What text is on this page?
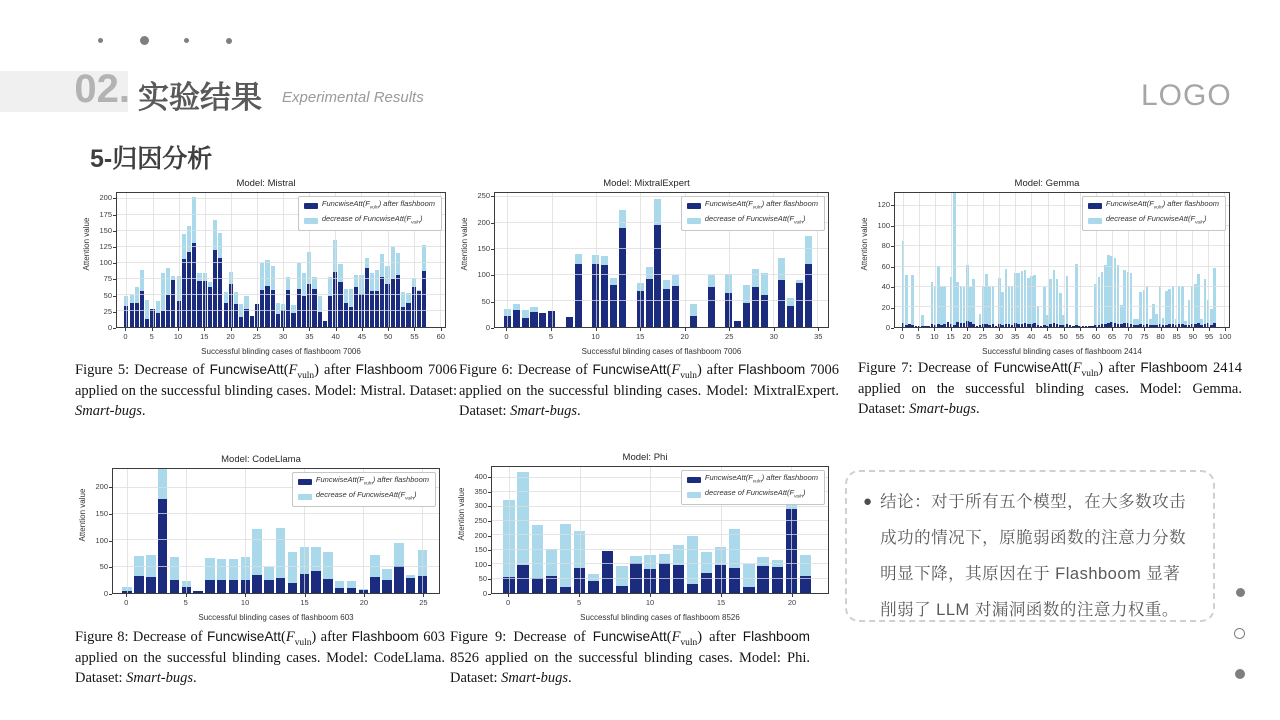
02. 实验结果 Experimental Results	LOGO
5-归因分析
Model: Mistral
Attention value
Successful blinding cases of flashboom 7006
$FuncwiseAtt(F_{vuln})$ after flashboom
decrease of $FuncwiseAtt(F_{vuln})$
0
25
50
75
100
125
150
175
200
0	5	10	15	20	25	30	35	40	45	50	55	60
Model: MixtralExpert
Attention value
Successful blinding cases of flashboom 7006
$FuncwiseAtt(F_{vuln})$ after flashboom
decrease of $FuncwiseAtt(F_{vuln})$
0
50
100
150
200
250
0	5	10	15	20	25	30	35
Model: Gemma
Attention value
Successful blinding cases of flashboom 2414
$FuncwiseAtt(F_{vuln})$ after flashboom
decrease of $FuncwiseAtt(F_{vuln})$
0
20
40
60
80
100
120
0	5	10	15	20	25	30	35	40	45	50	55	60	65	70	75	80	85	90	95 100
Model: CodeLlama
Attention value
Successful blinding cases of flashboom 603
$FuncwiseAtt(F_{vuln})$ after flashboom
decrease of $FuncwiseAtt(F_{vuln})$
0
50
100
150
200
0	5	10	15	20	25
Model: Phi
Attention value
Successful blinding cases of flashboom 8526
$FuncwiseAtt(F_{vuln})$ after flashboom
decrease of $FuncwiseAtt(F_{vuln})$
0
50
100
150
200
250
300
350
400
0	5	10	15	20
Figure 5: Decrease of $FuncwiseAtt(F_{vuln})$ after Flashboom 7006 applied on the successful blinding cases. Model: Mistral. Dataset: Smart-bugs.
Figure 6: Decrease of $FuncwiseAtt(F_{vuln})$ after Flashboom 7006 applied on the successful blinding cases. Model: MixtralExpert. Dataset: Smart-bugs.
Figure 7: Decrease of $FuncwiseAtt(F_{vuln})$ after Flashboom 2414 applied on the successful blinding cases. Model: Gemma. Dataset: Smart-bugs.
Figure 8: Decrease of $FuncwiseAtt(F_{vuln})$ after Flashboom 603 applied on the successful blinding cases. Model: CodeLlama. Dataset: Smart-bugs.
Figure 9: Decrease of $FuncwiseAtt(F_{vuln})$ after Flashboom 8526 applied on the successful blinding cases. Model: Phi. Dataset: Smart-bugs.
● 结论：对于所有五个模型，在大多数攻击成功的情况下，原脆弱函数的注意力分数明显下降，其原因在于 Flashboom 显著削弱了 LLM 对漏洞函数的注意力权重。
